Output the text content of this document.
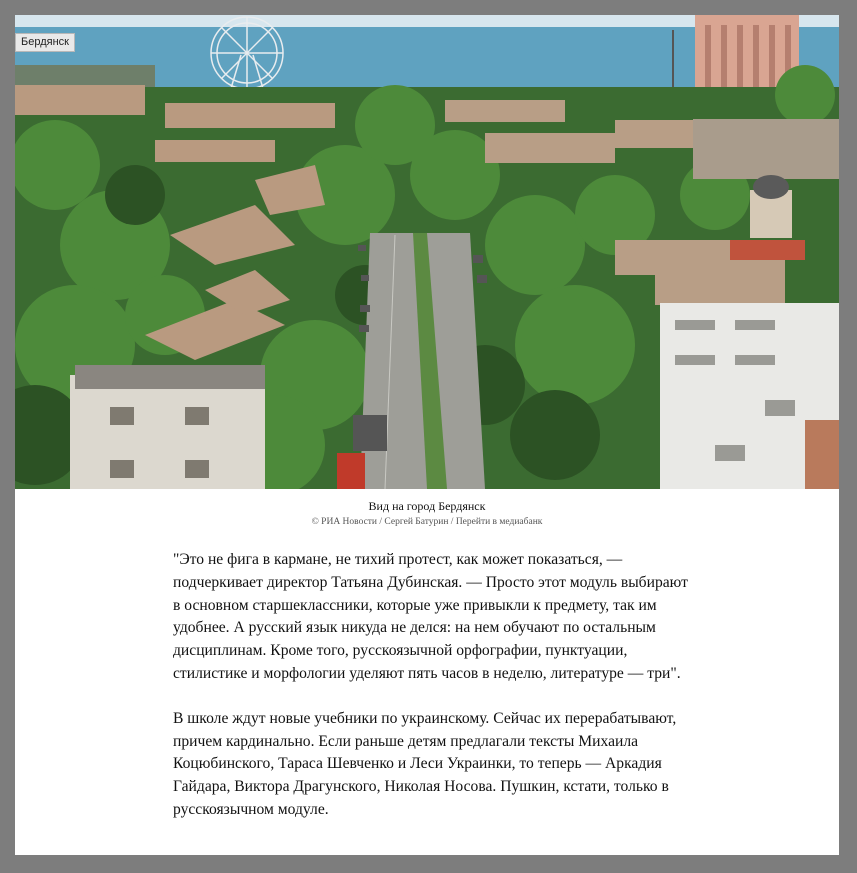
Бердянск
Вид на город Бердянск
© РИА Новости / Сергей Батурин / Перейти в медиабанк

"Это не фига в кармане, не тихий протест, как может показаться, — подчеркивает директор Татьяна Дубинская. — Просто этот модуль выбирают в основном старшеклассники, которые уже привыкли к предмету, так им удобнее. А русский язык никуда не делся: на нем обучают по остальным дисциплинам. Кроме того, русскоязычной орфографии, пунктуации, стилистике и морфологии уделяют пять часов в неделю, литературе — три".

В школе ждут новые учебники по украинскому. Сейчас их перерабатывают, причем кардинально. Если раньше детям предлагали тексты Михаила Коцюбинского, Тараса Шевченко и Леси Украинки, то теперь — Аркадия Гайдара, Виктора Драгунского, Николая Носова. Пушкин, кстати, только в русскоязычном модуле.
